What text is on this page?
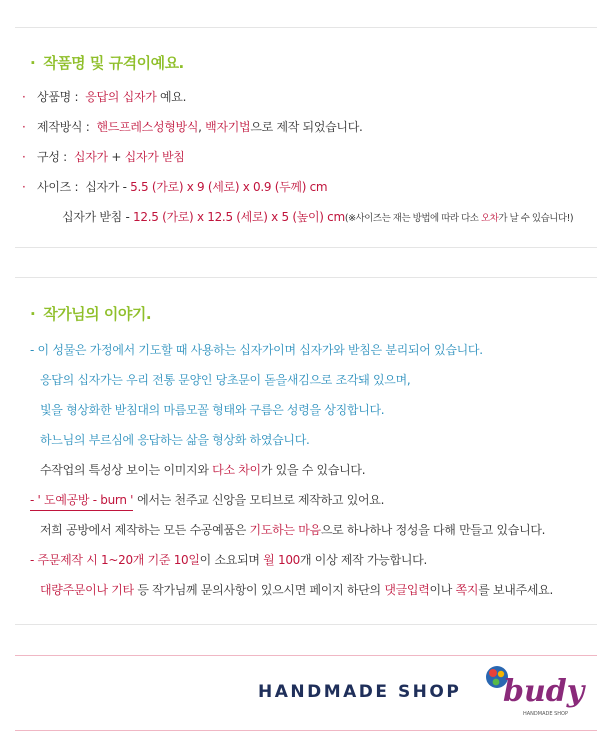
· 작품명 및 규격이예요.
· 상품명 : 응답의 십자가 예요.
· 제작방식 : 핸드프레스성형방식, 백자기법으로 제작 되었습니다.
· 구성 : 십자가 + 십자가 받침
· 사이즈 : 십자가 - 5.5 (가로) x 9 (세로) x 0.9 (두께) cm
십자가 받침 - 12.5 (가로) x 12.5 (세로) x 5 (높이) cm(※사이즈는 재는 방법에 따라 다소 오차가 날 수 있습니다!)
· 작가님의 이야기.
- 이 성물은 가정에서 기도할 때 사용하는 십자가이며 십자가와 받침은 분리되어 있습니다.
응답의 십자가는 우리 전통 문양인 당초문이 돋을새김으로 조각돼 있으며,
빛을 형상화한 받침대의 마름모꼴 형태와 구름은 성령을 상징합니다.
하느님의 부르심에 응답하는 삶을 형상화 하였습니다.
수작업의 특성상 보이는 이미지와 다소 차이가 있을 수 있습니다.
- ' 도예공방 - burn ' 에서는 천주교 신앙을 모티브로 제작하고 있어요.
저희 공방에서 제작하는 모든 수공예품은 기도하는 마음으로 하나하나 정성을 다해 만들고 있습니다.
- 주문제작 시 1~20개 기준 10일이 소요되며 월 100개 이상 제작 가능합니다.
대량주문이나 기타 등 작가님께 문의사항이 있으시면 페이지 하단의 댓글입력이나 쪽지를 보내주세요.
HANDMADE SHOP budy
HANDMADE SHOP
